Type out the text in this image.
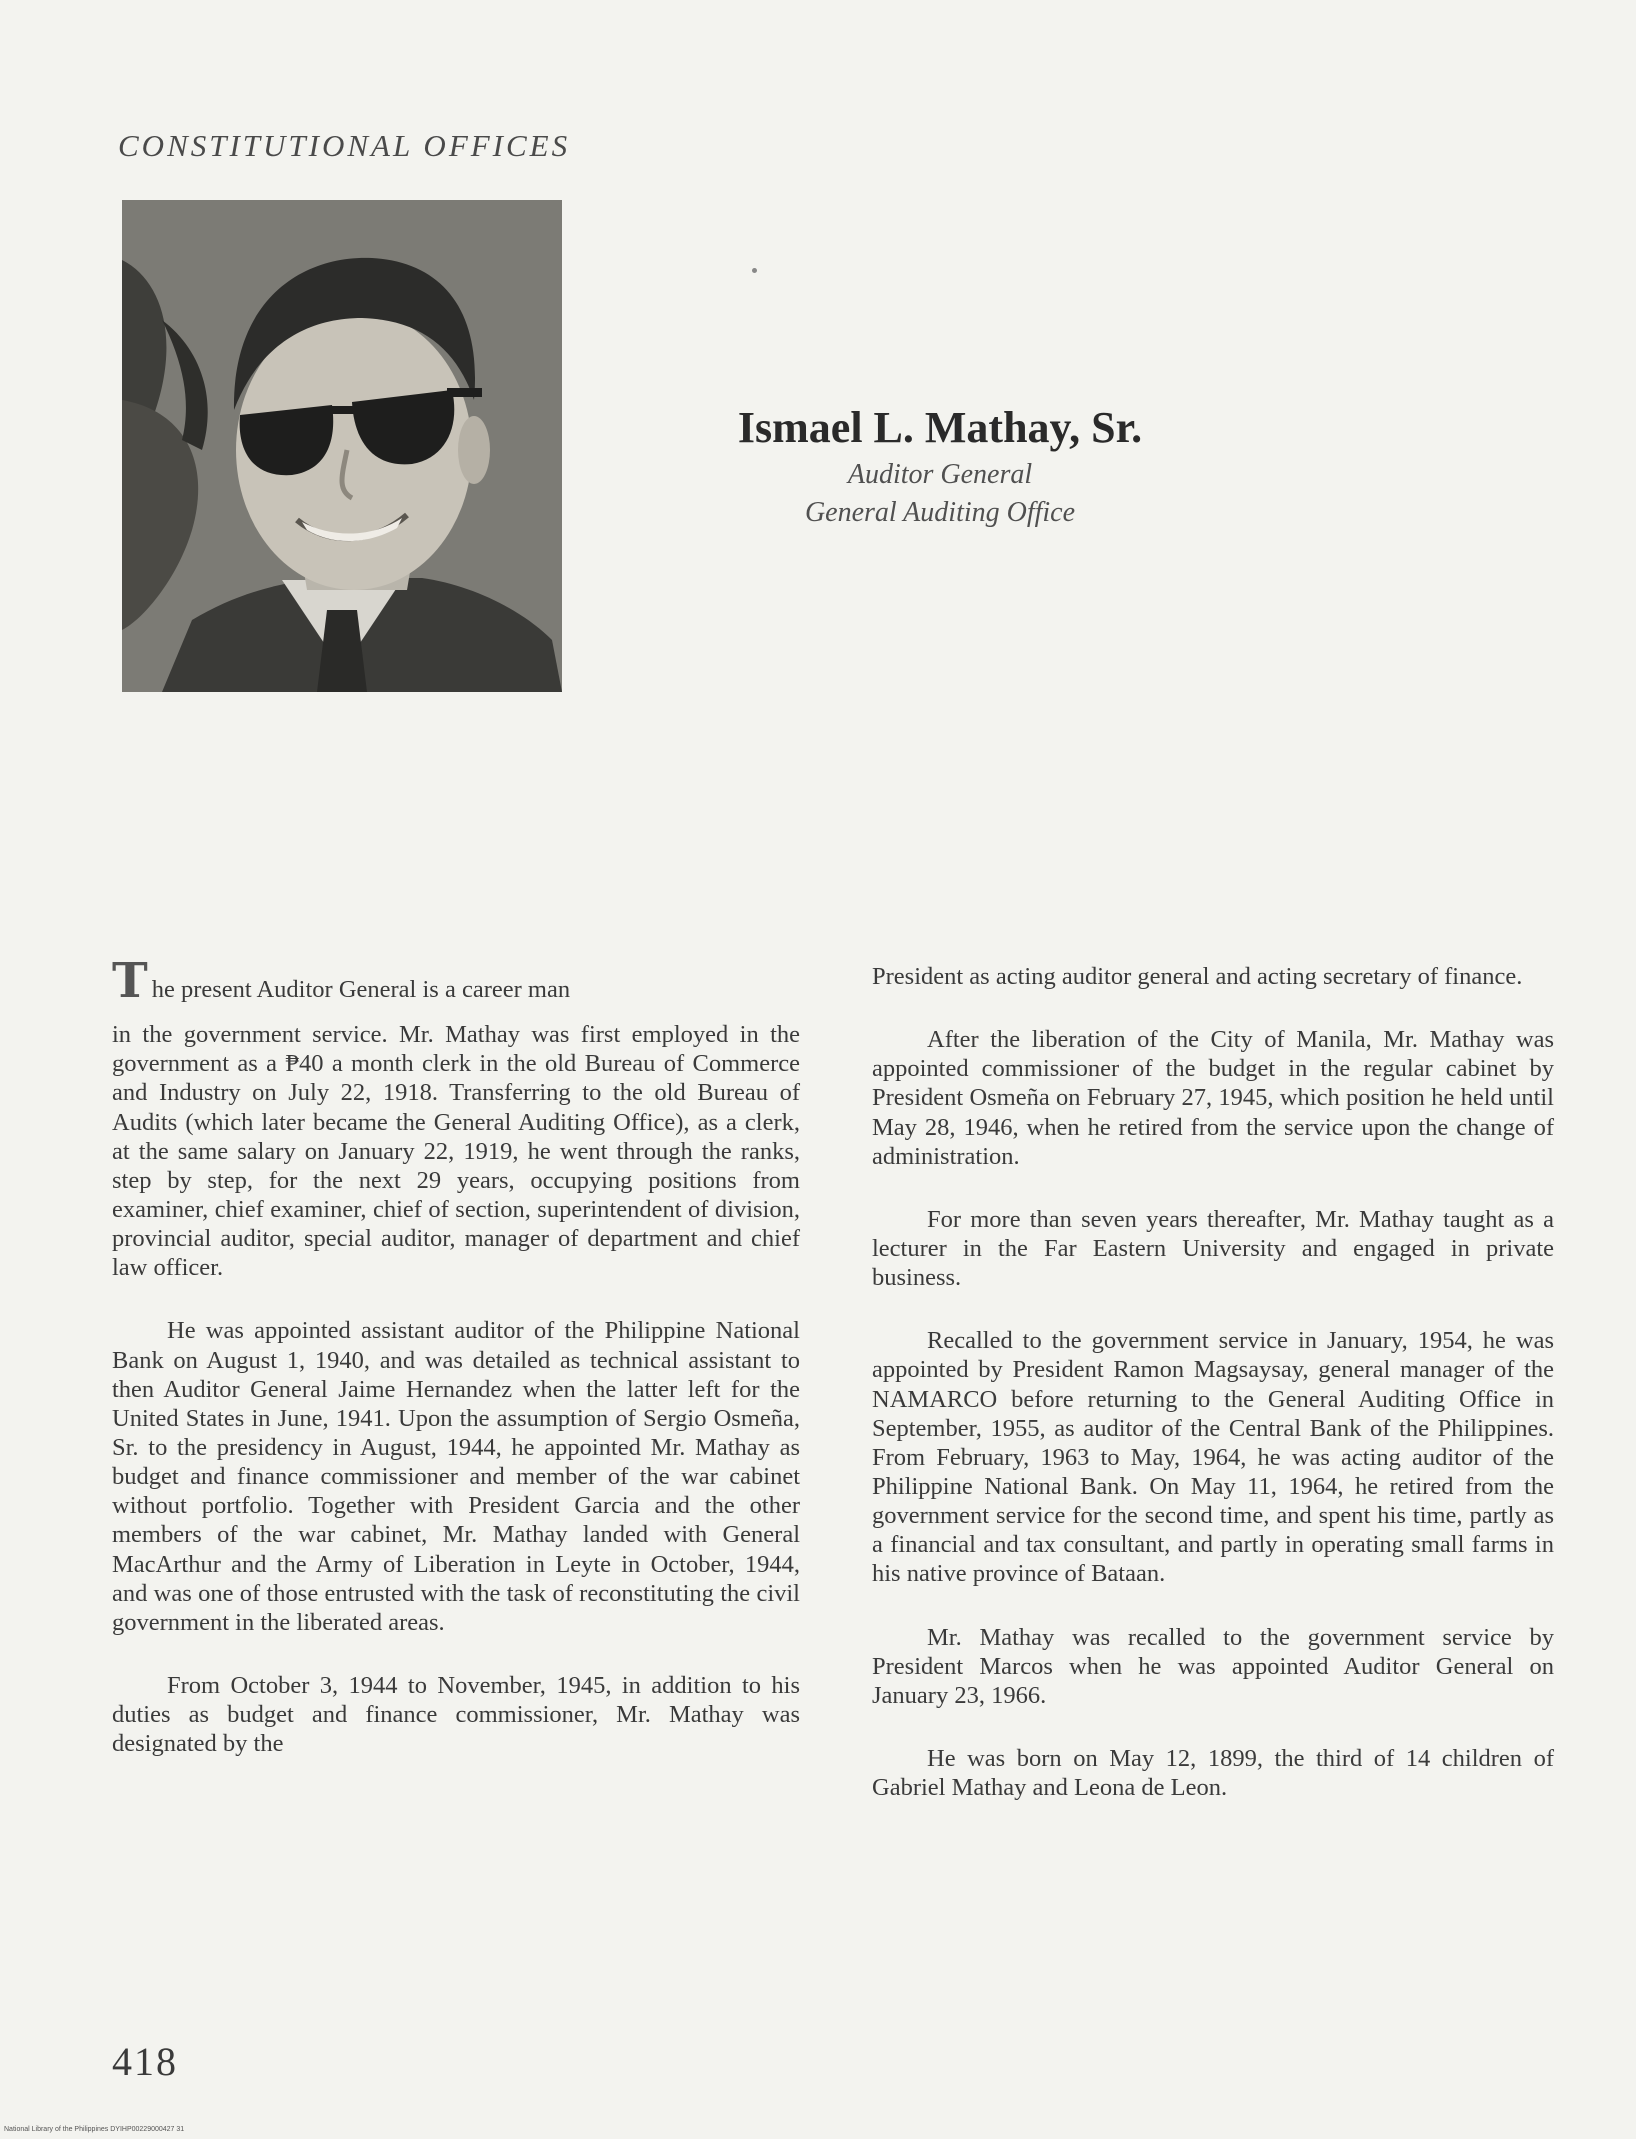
CONSTITUTIONAL OFFICES
Ismael L. Mathay, Sr.

Auditor General

General Auditing Office

T he present Auditor General is a career man
in the government service. Mr. Mathay was first employed in the government as a ₱40 a month clerk in the old Bureau of Commerce and Industry on July 22, 1918. Transferring to the old Bureau of Audits (which later became the General Auditing Office), as a clerk, at the same salary on January 22, 1919, he went through the ranks, step by step, for the next 29 years, occupying positions from examiner, chief examiner, chief of section, superintendent of division, provincial auditor, special auditor, manager of department and chief law officer.

He was appointed assistant auditor of the Philippine National Bank on August 1, 1940, and was detailed as technical assistant to then Auditor General Jaime Hernandez when the latter left for the United States in June, 1941. Upon the assumption of Sergio Osmeña, Sr. to the presidency in August, 1944, he appointed Mr. Mathay as budget and finance commissioner and member of the war cabinet without portfolio. Together with President Garcia and the other members of the war cabinet, Mr. Mathay landed with General MacArthur and the Army of Liberation in Leyte in October, 1944, and was one of those entrusted with the task of reconstituting the civil government in the liberated areas.

From October 3, 1944 to November, 1945, in addition to his duties as budget and finance commissioner, Mr. Mathay was designated by the

President as acting auditor general and acting secretary of finance.

After the liberation of the City of Manila, Mr. Mathay was appointed commissioner of the budget in the regular cabinet by President Osmeña on February 27, 1945, which position he held until May 28, 1946, when he retired from the service upon the change of administration.

For more than seven years thereafter, Mr. Mathay taught as a lecturer in the Far Eastern University and engaged in private business.

Recalled to the government service in January, 1954, he was appointed by President Ramon Magsaysay, general manager of the NAMARCO before returning to the General Auditing Office in September, 1955, as auditor of the Central Bank of the Philippines. From February, 1963 to May, 1964, he was acting auditor of the Philippine National Bank. On May 11, 1964, he retired from the government service for the second time, and spent his time, partly as a financial and tax consultant, and partly in operating small farms in his native province of Bataan.

Mr. Mathay was recalled to the government service by President Marcos when he was appointed Auditor General on January 23, 1966.

He was born on May 12, 1899, the third of 14 children of Gabriel Mathay and Leona de Leon.

418

National Library of the Philippines DYIHP00229000427 31
